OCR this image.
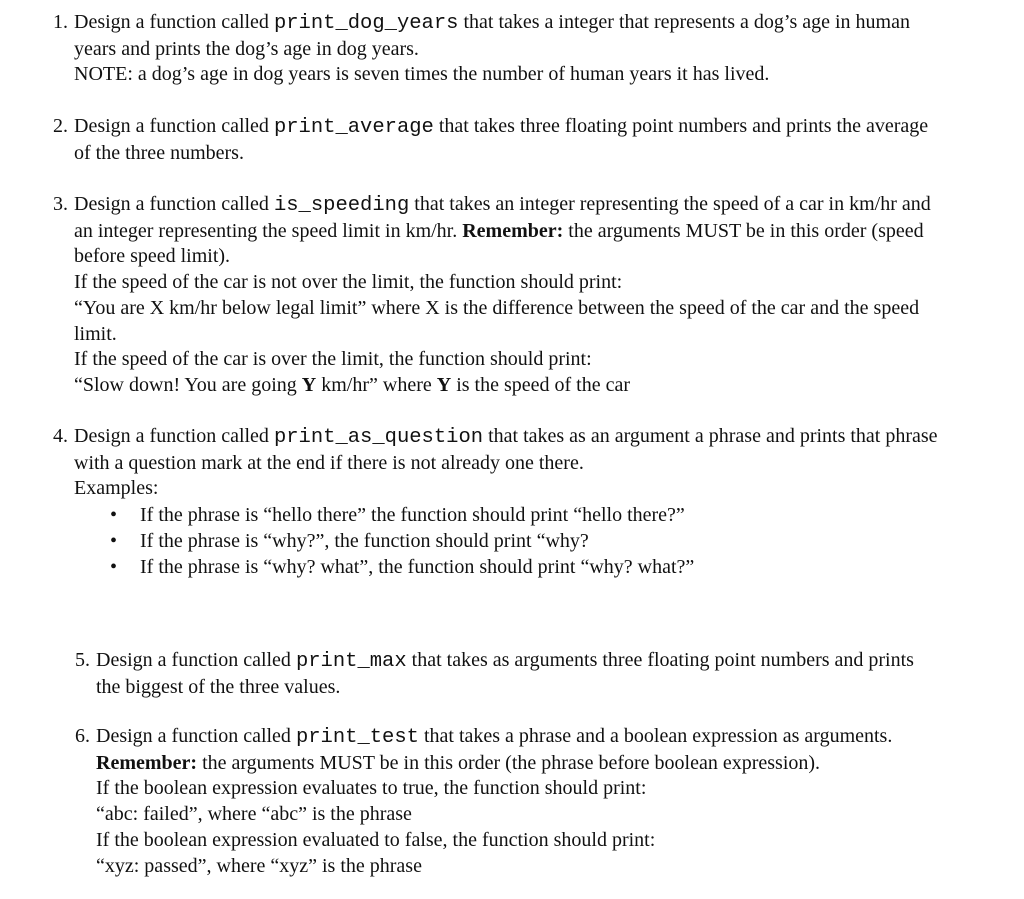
1. Design a function called print_dog_years that takes a integer that represents a dog’s age in human years and prints the dog’s age in dog years.

NOTE: a dog’s age in dog years is seven times the number of human years it has lived.

2. Design a function called print_average that takes three floating point numbers and prints the average of the three numbers.
3. Design a function called is_speeding that takes an integer representing the speed of a car in km/hr and an integer representing the speed limit in km/hr. Remember: the arguments MUST be in this order (speed before speed limit).

If the speed of the car is not over the limit, the function should print:

“You are X km/hr below legal limit” where X is the difference between the speed of the car and the speed limit.

If the speed of the car is over the limit, the function should print:

“Slow down! You are going Y km/hr” where Y is the speed of the car

4. Design a function called print_as_question that takes as an argument a phrase and prints that phrase with a question mark at the end if there is not already one there.

Examples:

• If the phrase is “hello there” the function should print “hello there?”
• If the phrase is “why?”, the function should print “why?
• If the phrase is “why? what”, the function should print “why? what?”
5. Design a function called print_max that takes as arguments three floating point numbers and prints the biggest of the three values.
6. Design a function called print_test that takes a phrase and a boolean expression as arguments. Remember: the arguments MUST be in this order (the phrase before boolean expression).

If the boolean expression evaluates to true, the function should print:

“abc: failed”, where “abc” is the phrase

If the boolean expression evaluated to false, the function should print:

“xyz: passed”, where “xyz” is the phrase
